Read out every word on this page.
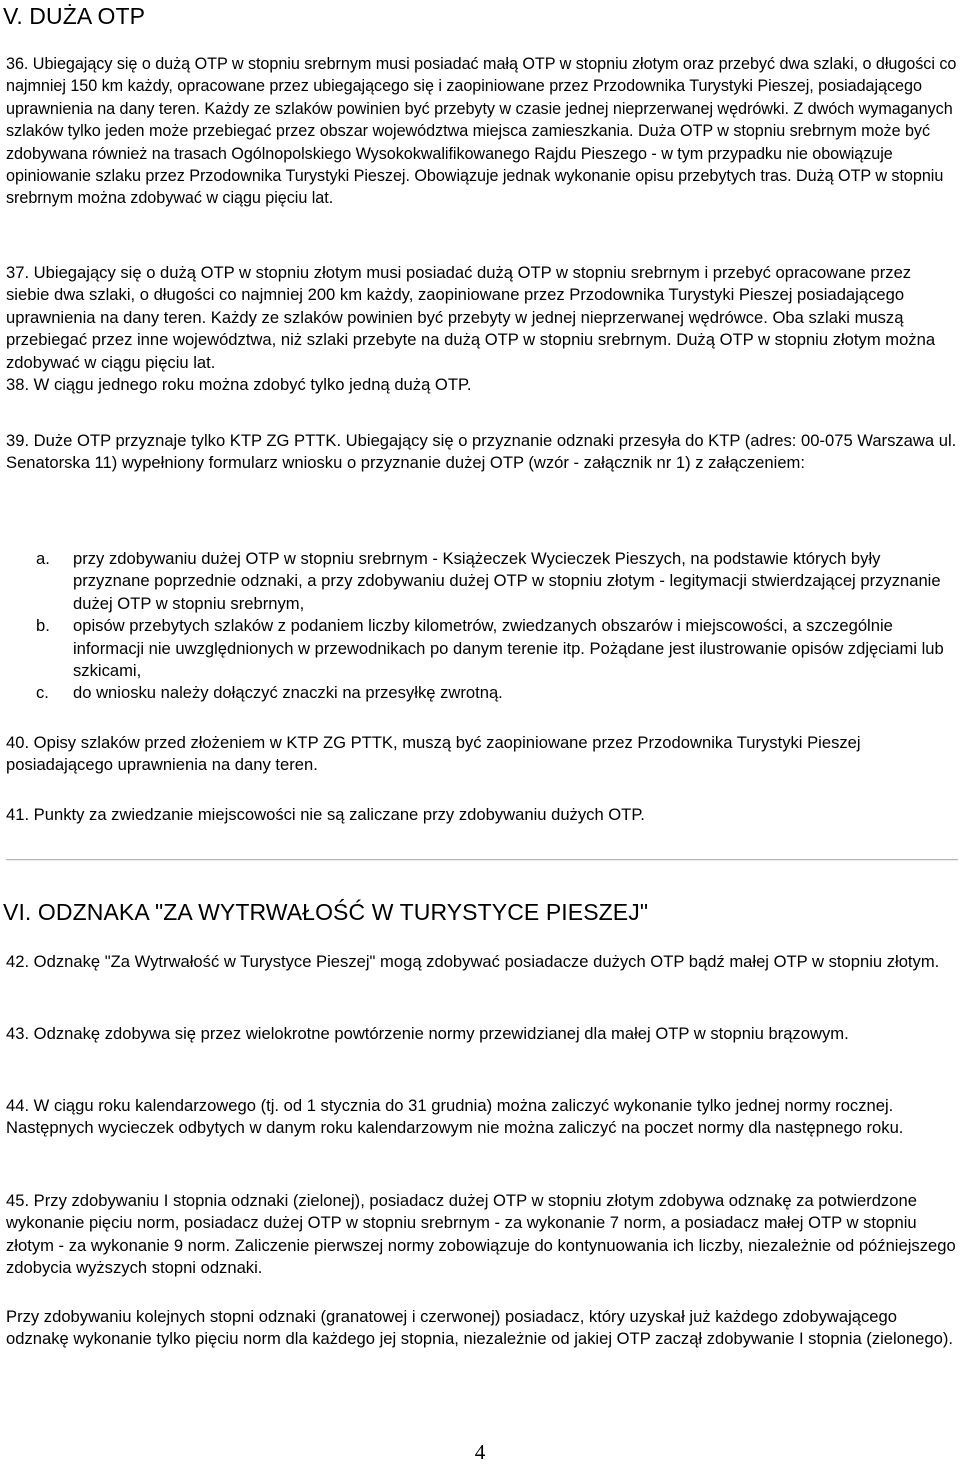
V. DUŻA OTP

36. Ubiegający się o dużą OTP w stopniu srebrnym musi posiadać małą OTP w stopniu złotym oraz przebyć dwa szlaki, o długości co najmniej 150 km każdy, opracowane przez ubiegającego się i zaopiniowane przez Przodownika Turystyki Pieszej, posiadającego uprawnienia na dany teren. Każdy ze szlaków powinien być przebyty w czasie jednej nieprzerwanej wędrówki. Z dwóch wymaganych szlaków tylko jeden może przebiegać przez obszar województwa miejsca zamieszkania. Duża OTP w stopniu srebrnym może być zdobywana również na trasach Ogólnopolskiego Wysokokwalifikowanego Rajdu Pieszego - w tym przypadku nie obowiązuje opiniowanie szlaku przez Przodownika Turystyki Pieszej. Obowiązuje jednak wykonanie opisu przebytych tras. Dużą OTP w stopniu srebrnym można zdobywać w ciągu pięciu lat.

37. Ubiegający się o dużą OTP w stopniu złotym musi posiadać dużą OTP w stopniu srebrnym i przebyć opracowane przez siebie dwa szlaki, o długości co najmniej 200 km każdy, zaopiniowane przez Przodownika Turystyki Pieszej posiadającego uprawnienia na dany teren. Każdy ze szlaków powinien być przebyty w jednej nieprzerwanej wędrówce. Oba szlaki muszą przebiegać przez inne województwa, niż szlaki przebyte na dużą OTP w stopniu srebrnym. Dużą OTP w stopniu złotym można zdobywać w ciągu pięciu lat.

38. W ciągu jednego roku można zdobyć tylko jedną dużą OTP.

39. Duże OTP przyznaje tylko KTP ZG PTTK. Ubiegający się o przyznanie odznaki przesyła do KTP (adres: 00-075 Warszawa ul. Senatorska 11) wypełniony formularz wniosku o przyznanie dużej OTP (wzór - załącznik nr 1) z załączeniem:

a. przy zdobywaniu dużej OTP w stopniu srebrnym - Książeczek Wycieczek Pieszych, na podstawie których były przyznane poprzednie odznaki, a przy zdobywaniu dużej OTP w stopniu złotym - legitymacji stwierdzającej przyznanie dużej OTP w stopniu srebrnym,
b. opisów przebytych szlaków z podaniem liczby kilometrów, zwiedzanych obszarów i miejscowości, a szczególnie informacji nie uwzględnionych w przewodnikach po danym terenie itp. Pożądane jest ilustrowanie opisów zdjęciami lub szkicami,
c. do wniosku należy dołączyć znaczki na przesyłkę zwrotną.

40. Opisy szlaków przed złożeniem w KTP ZG PTTK, muszą być zaopiniowane przez Przodownika Turystyki Pieszej posiadającego uprawnienia na dany teren.

41. Punkty za zwiedzanie miejscowości nie są zaliczane przy zdobywaniu dużych OTP.

VI. ODZNAKA "ZA WYTRWAŁOŚĆ W TURYSTYCE PIESZEJ"

42. Odznakę "Za Wytrwałość w Turystyce Pieszej" mogą zdobywać posiadacze dużych OTP bądź małej OTP w stopniu złotym.

43. Odznakę zdobywa się przez wielokrotne powtórzenie normy przewidzianej dla małej OTP w stopniu brązowym.

44. W ciągu roku kalendarzowego (tj. od 1 stycznia do 31 grudnia) można zaliczyć wykonanie tylko jednej normy rocznej. Następnych wycieczek odbytych w danym roku kalendarzowym nie można zaliczyć na poczet normy dla następnego roku.

45. Przy zdobywaniu I stopnia odznaki (zielonej), posiadacz dużej OTP w stopniu złotym zdobywa odznakę za potwierdzone wykonanie pięciu norm, posiadacz dużej OTP w stopniu srebrnym - za wykonanie 7 norm, a posiadacz małej OTP w stopniu złotym - za wykonanie 9 norm. Zaliczenie pierwszej normy zobowiązuje do kontynuowania ich liczby, niezależnie od późniejszego zdobycia wyższych stopni odznaki.

Przy zdobywaniu kolejnych stopni odznaki (granatowej i czerwonej) posiadacz, który uzyskał już każdego zdobywającego odznakę wykonanie tylko pięciu norm dla każdego jej stopnia, niezależnie od jakiej OTP zaczął zdobywanie I stopnia (zielonego).

4
